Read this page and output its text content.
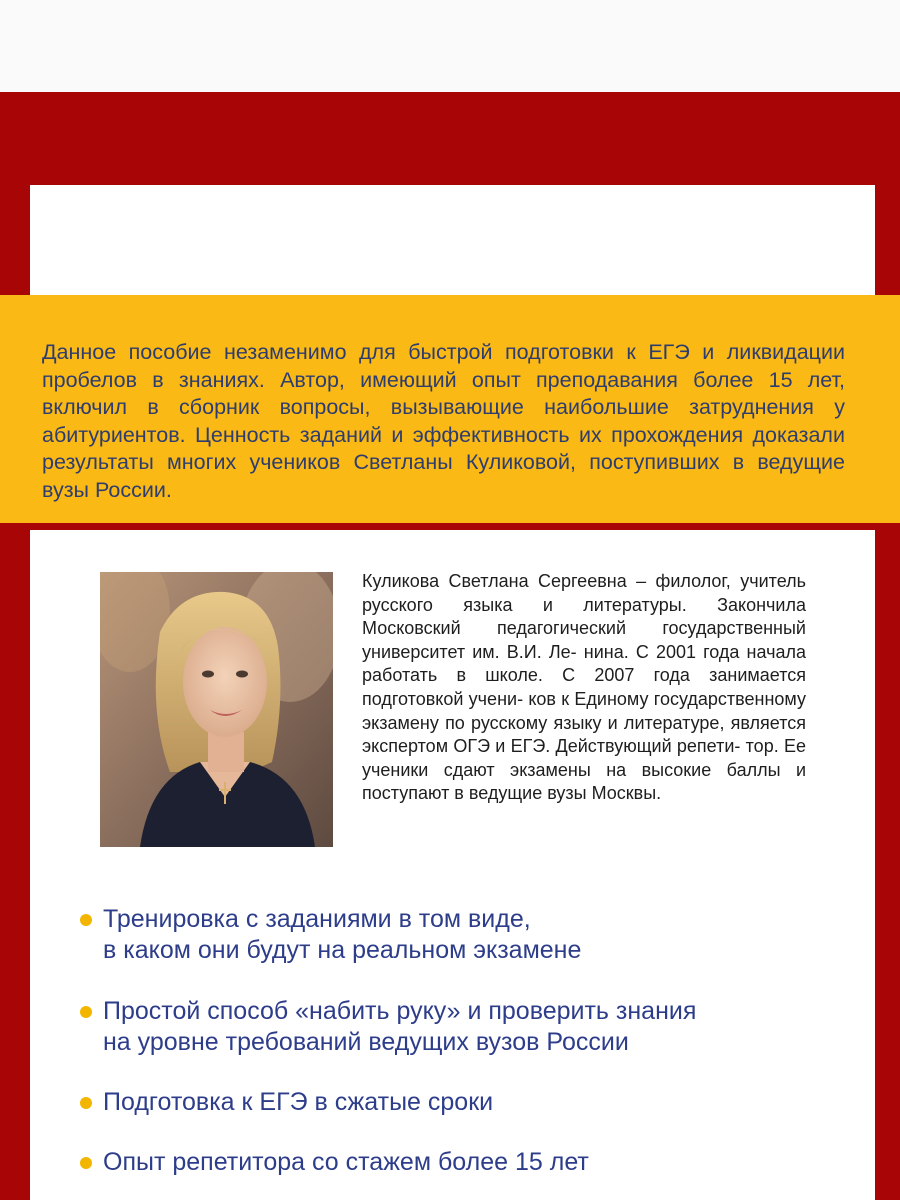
Данное пособие незаменимо для быстрой подготовки к ЕГЭ и ликвидации пробелов в знаниях. Автор, имеющий опыт преподавания более 15 лет, включил в сборник вопросы, вызывающие наибольшие затруднения у абитуриентов. Ценность заданий и эффективность их прохождения доказали результаты многих учеников Светланы Куликовой, поступивших в ведущие вузы России.

Куликова Светлана Сергеевна – филолог, учитель русского языка и литературы. Закончила Московский педагогический государственный университет им. В.И. Ле- нина. С 2001 года начала работать в школе. С 2007 года занимается подготовкой учени- ков к Единому государственному экзамену по русскому языку и литературе, является экспертом ОГЭ и ЕГЭ. Действующий репети- тор. Ее ученики сдают экзамены на высокие баллы и поступают в ведущие вузы Москвы.

Тренировка с заданиями в том виде,
в каком они будут на реальном экзамене
Простой способ «набить руку» и проверить знания
на уровне требований ведущих вузов России
Подготовка к ЕГЭ в сжатые сроки
Опыт репетитора со стажем более 15 лет
